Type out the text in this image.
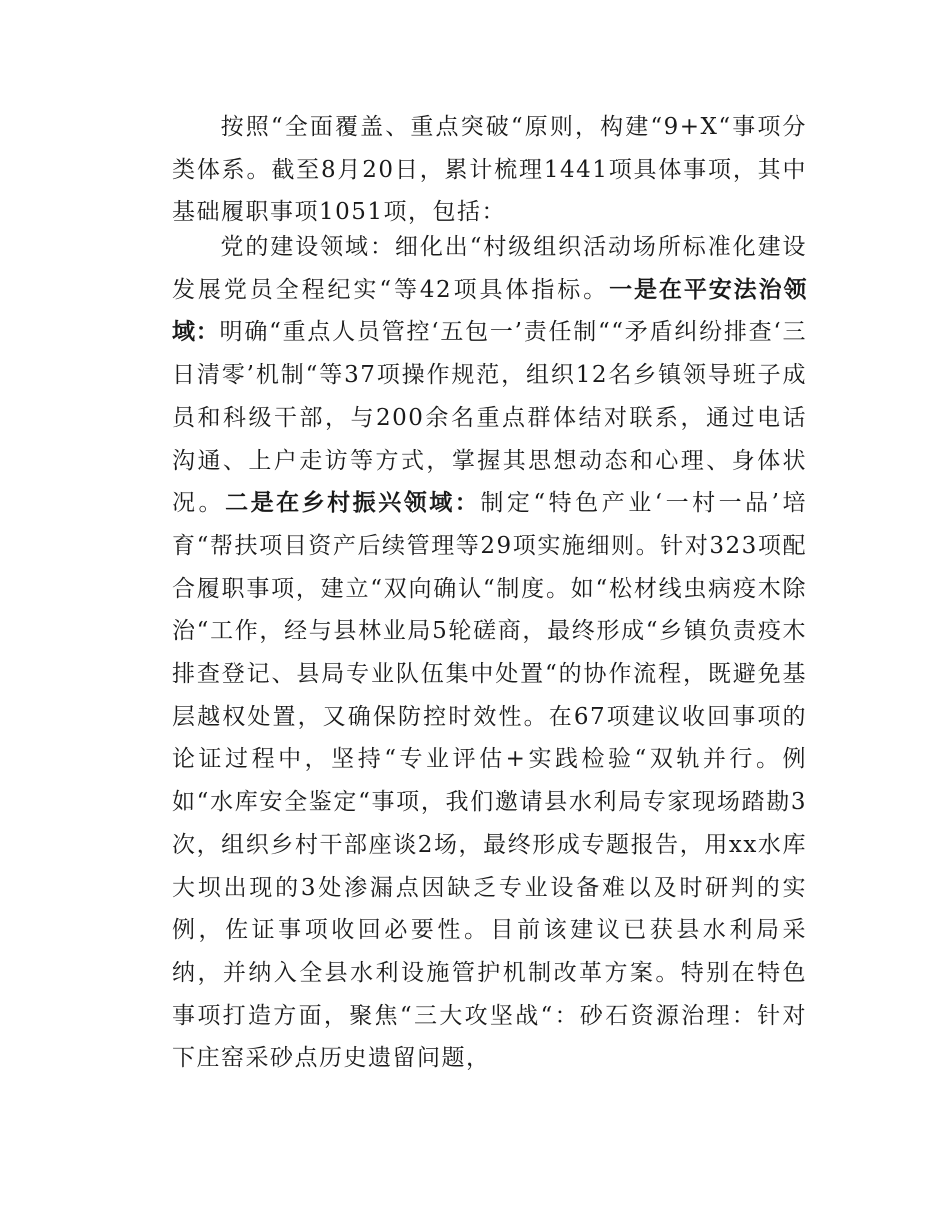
按照“全面覆盖、重点突破“原则，构建“9+X“事项分类体系。截至8月20日，累计梳理1441项具体事项，其中基础履职事项1051项，包括：

党的建设领域：细化出“村级组织活动场所标准化建设发展党员全程纪实“等42项具体指标。一是在平安法治领域：明确“重点人员管控‘五包一’责任制““矛盾纠纷排查‘三日清零’机制“等37项操作规范，组织12名乡镇领导班子成员和科级干部，与200余名重点群体结对联系，通过电话沟通、上户走访等方式，掌握其思想动态和心理、身体状况。二是在乡村振兴领域：制定“特色产业‘一村一品’培育“帮扶项目资产后续管理等29项实施细则。针对323项配合履职事项，建立“双向确认“制度。如“松材线虫病疫木除治“工作，经与县林业局5轮磋商，最终形成“乡镇负责疫木排查登记、县局专业队伍集中处置“的协作流程，既避免基层越权处置，又确保防控时效性。在67项建议收回事项的论证过程中，坚持“专业评估+实践检验“双轨并行。例如“水库安全鉴定“事项，我们邀请县水利局专家现场踏勘3次，组织乡村干部座谈2场，最终形成专题报告，用xx水库大坝出现的3处渗漏点因缺乏专业设备难以及时研判的实例，佐证事项收回必要性。目前该建议已获县水利局采纳，并纳入全县水利设施管护机制改革方案。特别在特色事项打造方面，聚焦“三大攻坚战“：砂石资源治理：针对下庄窑采砂点历史遗留问题，
